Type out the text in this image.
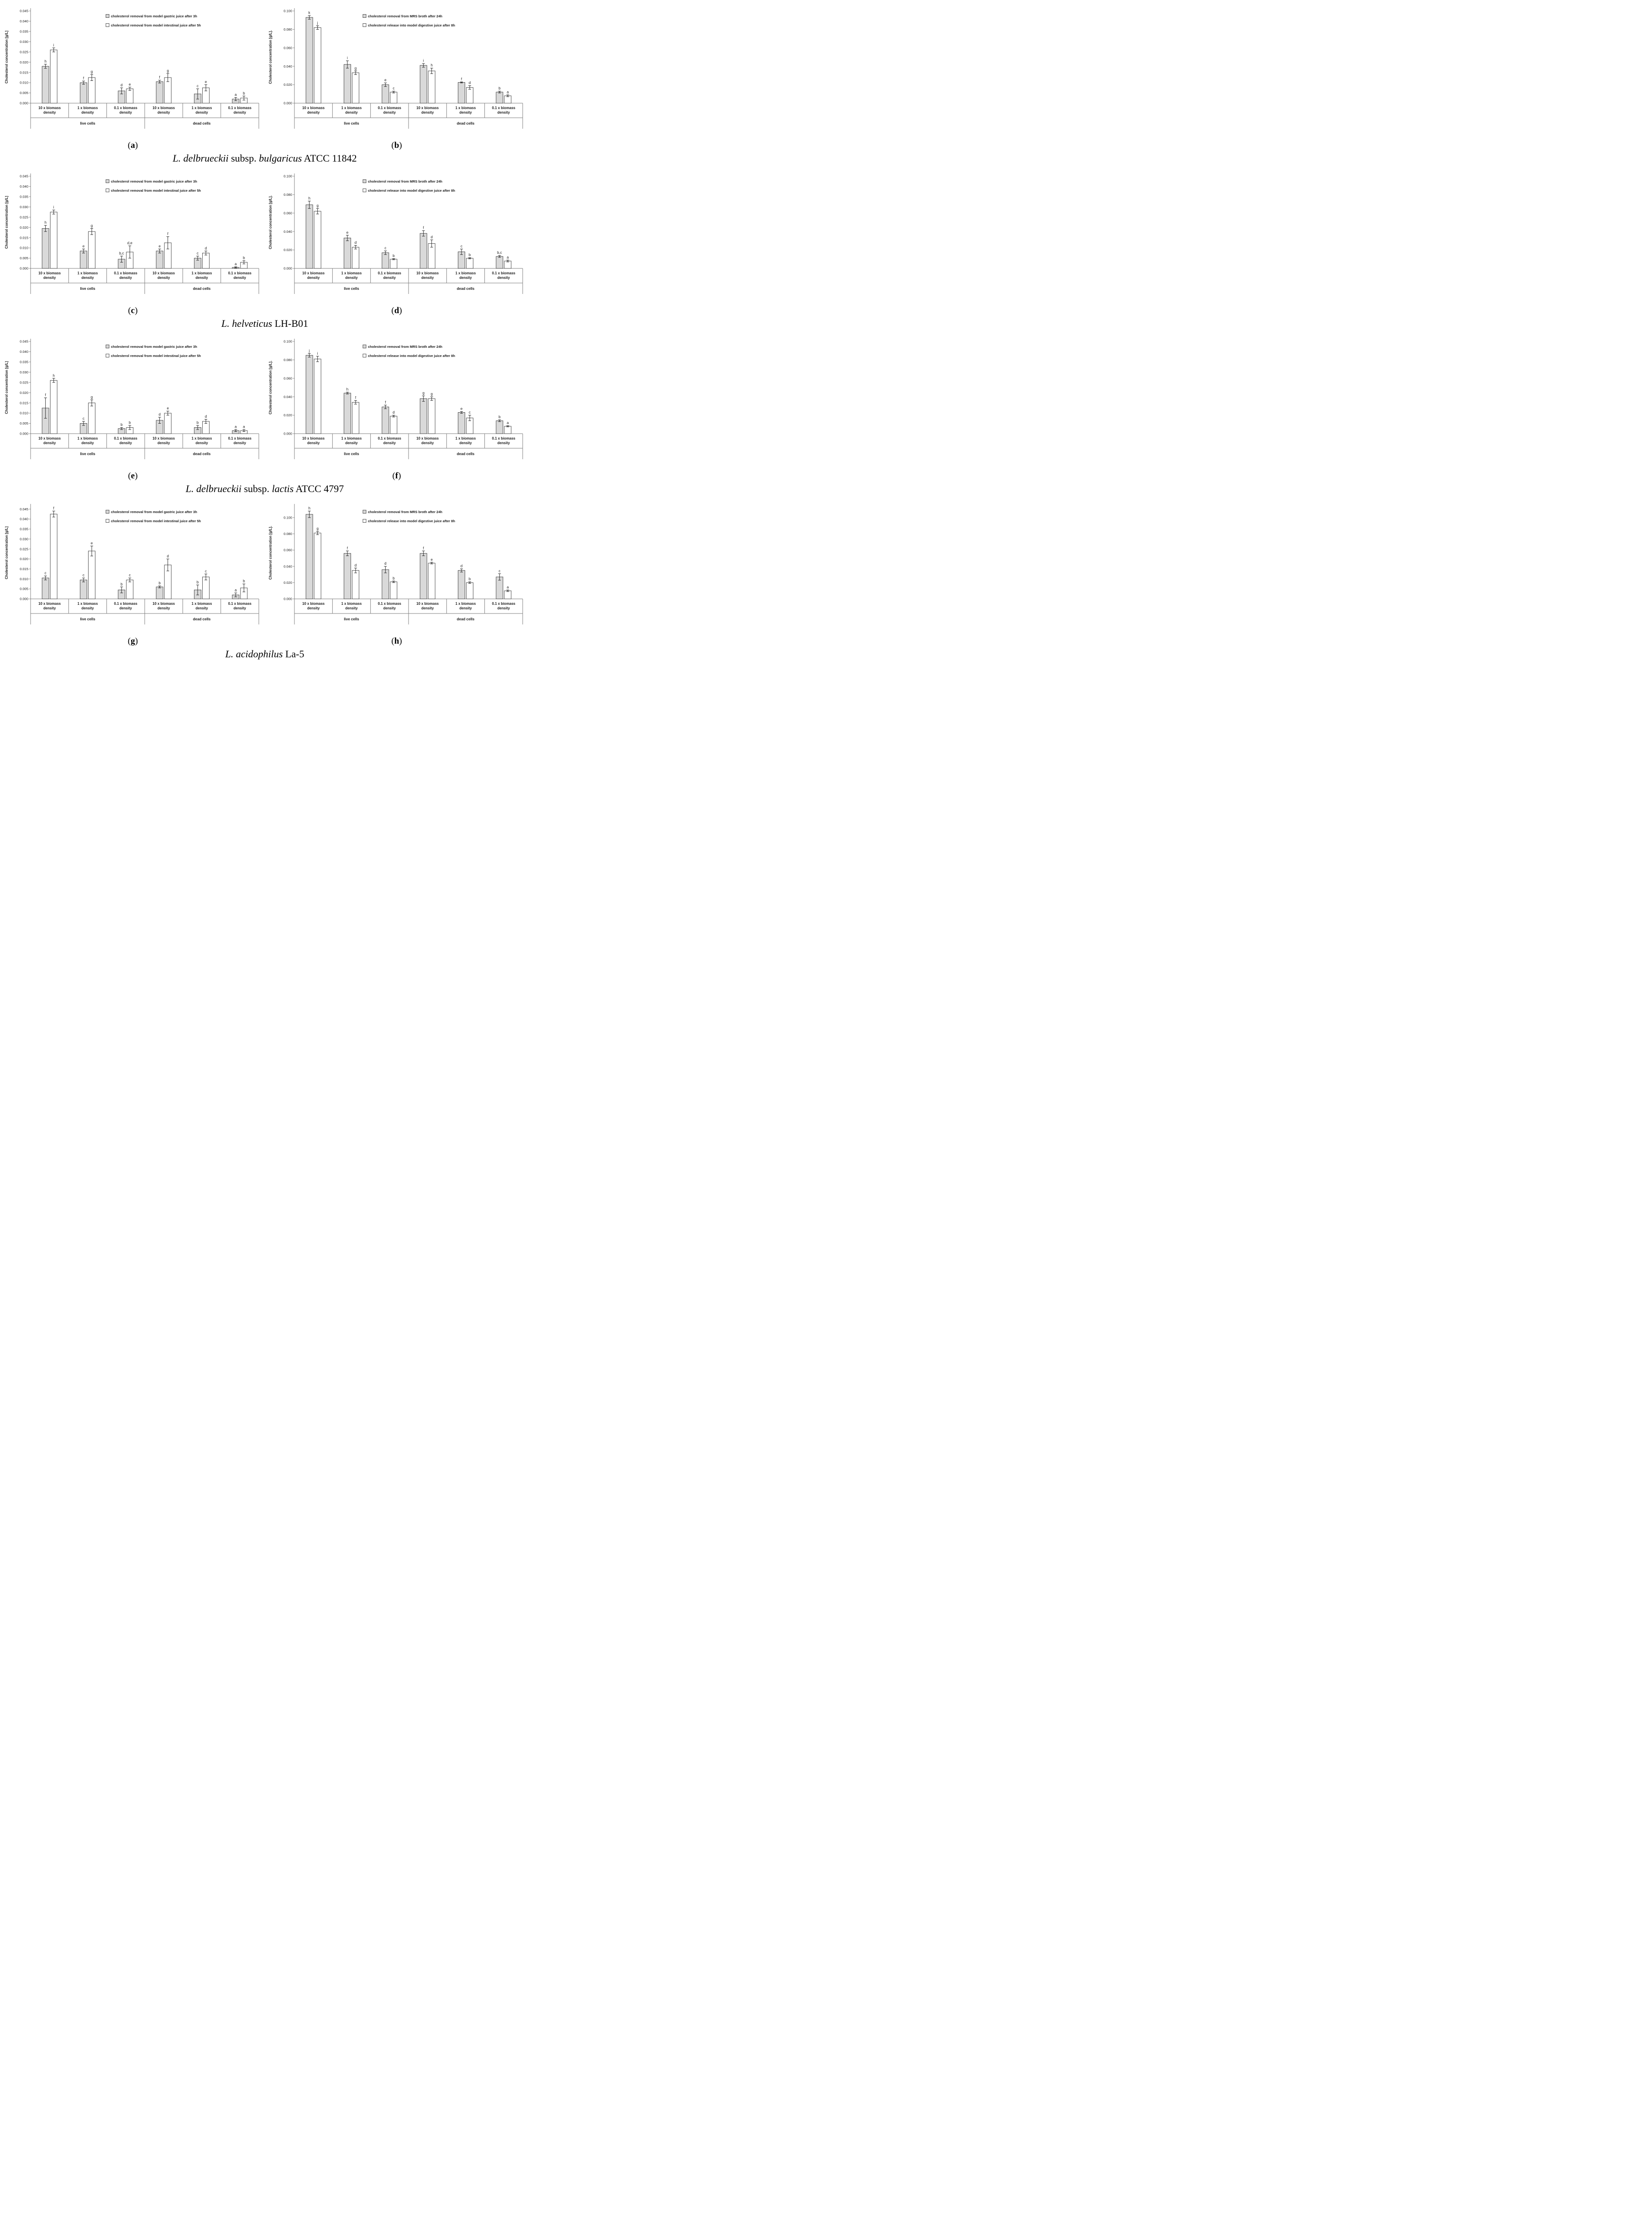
0.000
0.005
0.010
0.015
0.020
0.025
0.030
0.035
0.040
0.045
Cholesterol concentration [g/L]	h
f
d
f
c
a
i
g
e
g
e
b
10 x biomass
density
1 x biomass
density
0.1 x biomass
density
10 x biomass
density
1 x biomass
density
0.1 x biomass
density
live cells	dead cells
cholesterol removal from model gastric juice after 3h
cholesterol removal from model intestinal juice after 5h
(a)
0.000
0.020
0.040
0.060
0.080
0.100
Cholesterol concentration [g/L].
k
i
e
i
f
b
j
g
c
h
d
a
10 x biomass
density
1 x biomass
density
0.1 x biomass
density
10 x biomass
density
1 x biomass
density
0.1 x biomass
density
live cells	dead cells
cholesterol removal from MRS broth after 24h
cholesterol release into model digestive juice after 8h
(b)
L. delbrueckii subsp. bulgaricus ATCC 11842
0.000
0.005
0.010
0.015
0.020
0.025
0.030
0.035
0.040
0.045
Cholesterol concentration [g/L]	h
e
b,c
e
c
a
i
g
d,e
f
d
b
10 x biomass
density
1 x biomass
density
0.1 x biomass
density
10 x biomass
density
1 x biomass
density
0.1 x biomass
density
live cells	dead cells
cholesterol removal from model gastric juice after 3h
cholesterol removal from model intestinal juice after 5h
(c)
0.000
0.020
0.040
0.060
0.080
0.100
Cholesterol concentration [g/L].	h
e
c
f
c
b,c
g
d
b
d
b
a
10 x biomass
density
1 x biomass
density
0.1 x biomass
density
10 x biomass
density
1 x biomass
density
0.1 x biomass
density
live cells	dead cells
cholesterol removal from MRS broth after 24h
cholesterol release into model digestive juice after 8h
(d)
L. helveticus LH-B01
0.000
0.005
0.010
0.015
0.020
0.025
0.030
0.035
0.040
0.045
Cholesterol concentration [g/L]	f
c
b
d
b
a
h
g
b
e
d
a
10 x biomass
density
1 x biomass
density
0.1 x biomass
density
10 x biomass
density
1 x biomass
density
0.1 x biomass
density
live cells	dead cells
cholesterol removal from model gastric juice after 3h
cholesterol removal from model intestinal juice after 5h
(e)
0.000
0.020
0.040
0.060
0.080
0.100
Cholesterol concentration [g/L].
j
h
f
g
e
b
i
f
d
g
c
a
10 x biomass
density
1 x biomass
density
0.1 x biomass
density
10 x biomass
density
1 x biomass
density
0.1 x biomass
density
live cells	dead cells
cholesterol removal from MRS broth after 24h
cholesterol release into model digestive juice after 8h
(f)
L. delbrueckii subsp. lactis ATCC 4797
0.000
0.005
0.010
0.015
0.020
0.025
0.030
0.035
0.040
0.045
Cholesterol concentration [g/L]	c	c
b	b	b
a
f
e
c
d
c
b
10 x biomass
density
1 x biomass
density
0.1 x biomass
density
10 x biomass
density
1 x biomass
density
0.1 x biomass
density
live cells	dead cells
cholesterol removal from model gastric juice after 3h
cholesterol removal from model intestinal juice after 5h
(g)
0.000
0.020
0.040
0.060
0.080
0.100
Cholesterol concentration [g/L].
h
f
d
f
d
c
g
d
b
e
b
a
10 x biomass
density
1 x biomass
density
0.1 x biomass
density
10 x biomass
density
1 x biomass
density
0.1 x biomass
density
live cells	dead cells
cholesterol removal from MRS broth after 24h
cholesterol release into model digestive juice after 8h
(h)
L. acidophilus La-5
